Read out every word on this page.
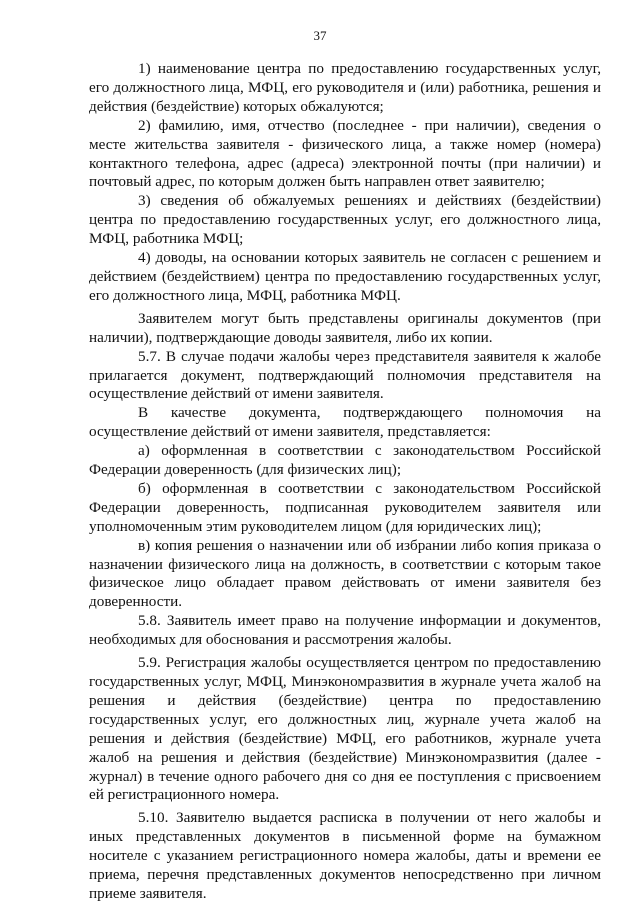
37

1) наименование центра по предоставлению государственных услуг, его должностного лица, МФЦ, его руководителя и (или) работника, решения и действия (бездействие) которых обжалуются;

2) фамилию, имя, отчество (последнее - при наличии), сведения о месте жительства заявителя - физического лица, а также номер (номера) контактного телефона, адрес (адреса) электронной почты (при наличии) и почтовый адрес, по которым должен быть направлен ответ заявителю;

3) сведения об обжалуемых решениях и действиях (бездействии) центра по предоставлению государственных услуг, его должностного лица, МФЦ, работника МФЦ;

4) доводы, на основании которых заявитель не согласен с решением и действием (бездействием) центра по предоставлению государственных услуг, его должностного лица, МФЦ, работника МФЦ.

Заявителем могут быть представлены оригиналы документов (при наличии), подтверждающие доводы заявителя, либо их копии.

5.7. В случае подачи жалобы через представителя заявителя к жалобе прилагается документ, подтверждающий полномочия представителя на осуществление действий от имени заявителя.

В качестве документа, подтверждающего полномочия на осуществление действий от имени заявителя, представляется:

а) оформленная в соответствии с законодательством Российской Федерации доверенность (для физических лиц);

б) оформленная в соответствии с законодательством Российской Федерации доверенность, подписанная руководителем заявителя или уполномоченным этим руководителем лицом (для юридических лиц);

в) копия решения о назначении или об избрании либо копия приказа о назначении физического лица на должность, в соответствии с которым такое физическое лицо обладает правом действовать от имени заявителя без доверенности.

5.8. Заявитель имеет право на получение информации и документов, необходимых для обоснования и рассмотрения жалобы.

5.9. Регистрация жалобы осуществляется центром по предоставлению государственных услуг, МФЦ, Минэкономразвития в журнале учета жалоб на решения и действия (бездействие) центра по предоставлению государственных услуг, его должностных лиц, журнале учета жалоб на решения и действия (бездействие) МФЦ, его работников, журнале учета жалоб на решения и действия (бездействие) Минэкономразвития (далее - журнал) в течение одного рабочего дня со дня ее поступления с присвоением ей регистрационного номера.

5.10. Заявителю выдается расписка в получении от него жалобы и иных представленных документов в письменной форме на бумажном носителе с указанием регистрационного номера жалобы, даты и времени ее приема, перечня представленных документов непосредственно при личном приеме заявителя.
